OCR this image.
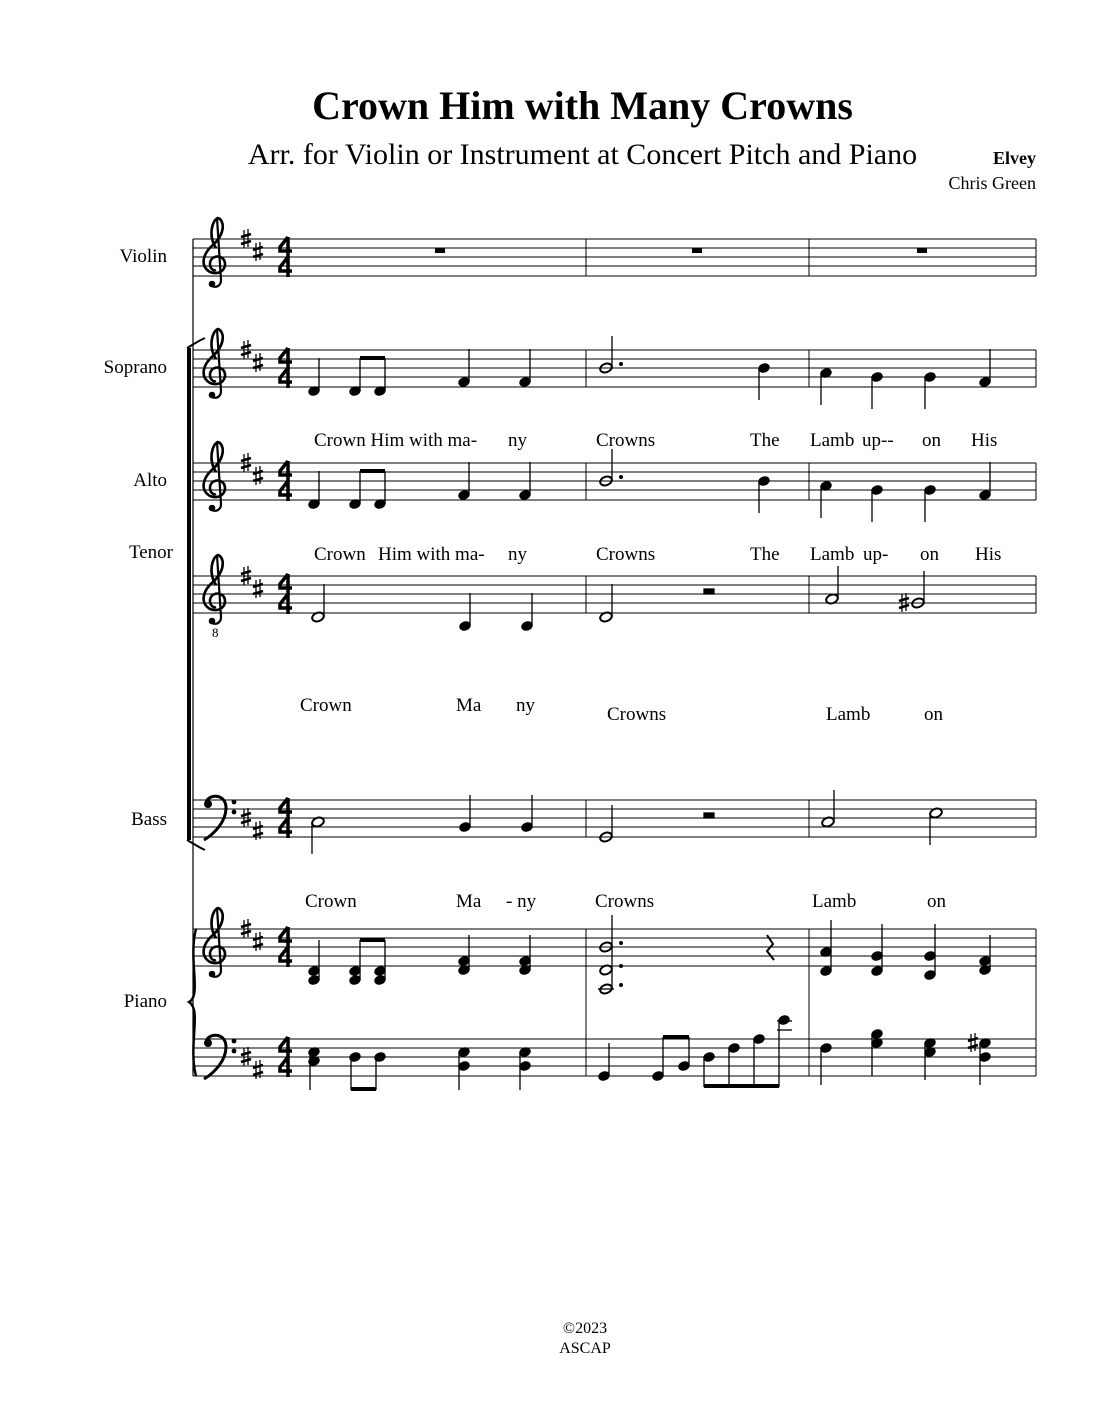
Crown Him with Many Crowns
Arr. for Violin or Instrument at Concert Pitch and Piano	Elvey
Chris Green
Violin
Soprano
Alto
Tenor
Bass
Piano
8
Crown Him with ma- ny	Crowns	The Lamb up-- on His
Crown Him with ma- ny	Crowns	The Lamb up- on His
Crown	Ma ny	Crowns	Lamb	on
Crown	Ma - ny	Crowns	Lamb	on
©2023
ASCAP
